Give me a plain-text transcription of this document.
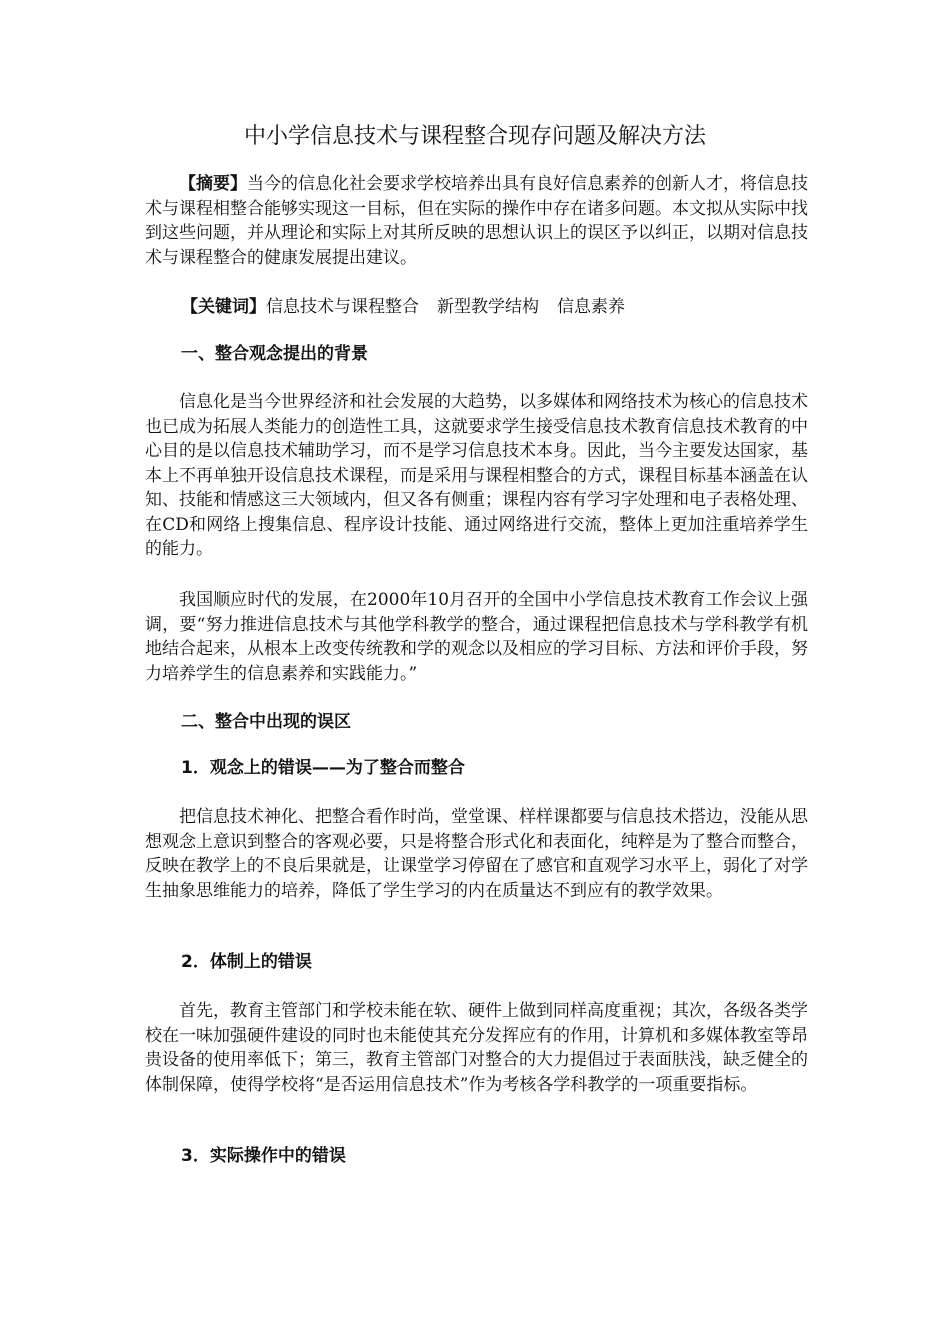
中小学信息技术与课程整合现存问题及解决方法

【摘要】当今的信息化社会要求学校培养出具有良好信息素养的创新人才，将信息技术与课程相整合能够实现这一目标，但在实际的操作中存在诸多问题。本文拟从实际中找到这些问题，并从理论和实际上对其所反映的思想认识上的误区予以纠正，以期对信息技术与课程整合的健康发展提出建议。

【关键词】信息技术与课程整合 新型教学结构 信息素养
一、整合观念提出的背景

信息化是当今世界经济和社会发展的大趋势，以多媒体和网络技术为核心的信息技术也已成为拓展人类能力的创造性工具，这就要求学生接受信息技术教育信息技术教育的中心目的是以信息技术辅助学习，而不是学习信息技术本身。因此，当今主要发达国家，基本上不再单独开设信息技术课程，而是采用与课程相整合的方式，课程目标基本涵盖在认知、技能和情感这三大领域内，但又各有侧重；课程内容有学习字处理和电子表格处理、在CD和网络上搜集信息、程序设计技能、通过网络进行交流，整体上更加注重培养学生的能力。

我国顺应时代的发展，在2000年10月召开的全国中小学信息技术教育工作会议上强调，要“努力推进信息技术与其他学科教学的整合，通过课程把信息技术与学科教学有机地结合起来，从根本上改变传统教和学的观念以及相应的学习目标、方法和评价手段，努力培养学生的信息素养和实践能力。”

二、整合中出现的误区
1．观念上的错误——为了整合而整合

把信息技术神化、把整合看作时尚，堂堂课、样样课都要与信息技术搭边，没能从思想观念上意识到整合的客观必要，只是将整合形式化和表面化，纯粹是为了整合而整合，反映在教学上的不良后果就是，让课堂学习停留在了感官和直观学习水平上，弱化了对学生抽象思维能力的培养，降低了学生学习的内在质量达不到应有的教学效果。

2．体制上的错误

首先，教育主管部门和学校未能在软、硬件上做到同样高度重视；其次，各级各类学校在一味加强硬件建设的同时也未能使其充分发挥应有的作用，计算机和多媒体教室等昂贵设备的使用率低下；第三，教育主管部门对整合的大力提倡过于表面肤浅，缺乏健全的体制保障，使得学校将“是否运用信息技术”作为考核各学科教学的一项重要指标。

3．实际操作中的错误
